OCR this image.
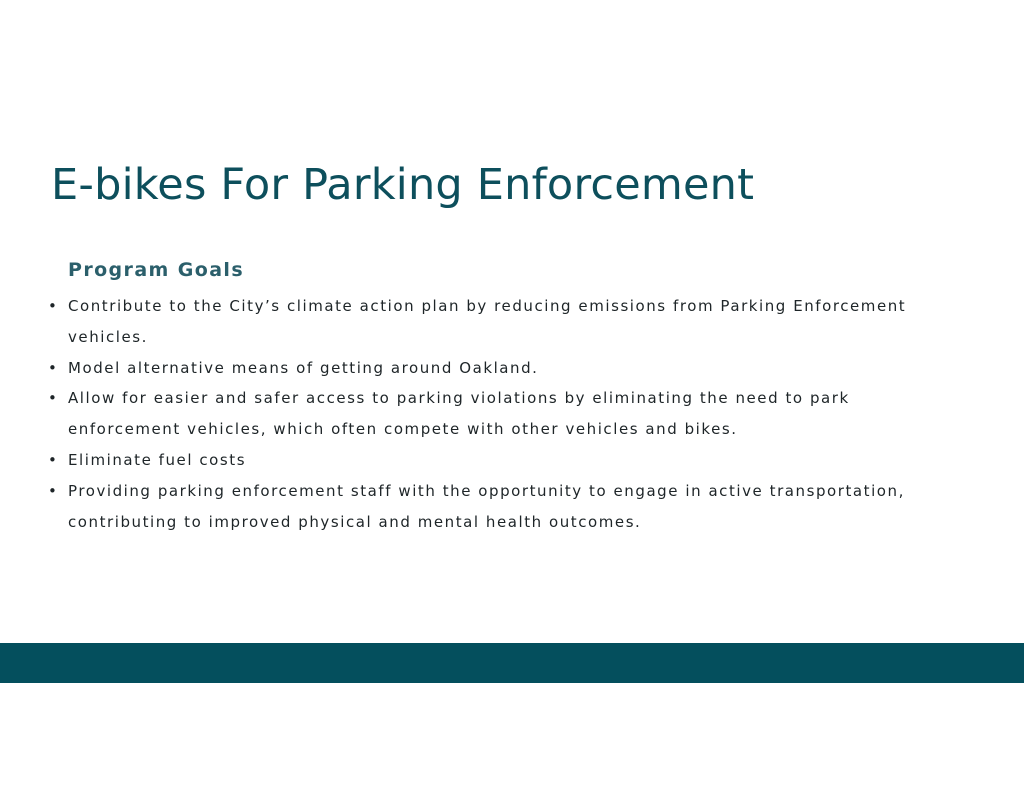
E-bikes For Parking Enforcement
Program Goals
• Contribute to the City’s climate action plan by reducing emissions from Parking Enforcement vehicles.
• Model alternative means of getting around Oakland.
• Allow for easier and safer access to parking violations by eliminating the need to park enforcement vehicles, which often compete with other vehicles and bikes.
• Eliminate fuel costs
• Providing parking enforcement staff with the opportunity to engage in active transportation, contributing to improved physical and mental health outcomes.
